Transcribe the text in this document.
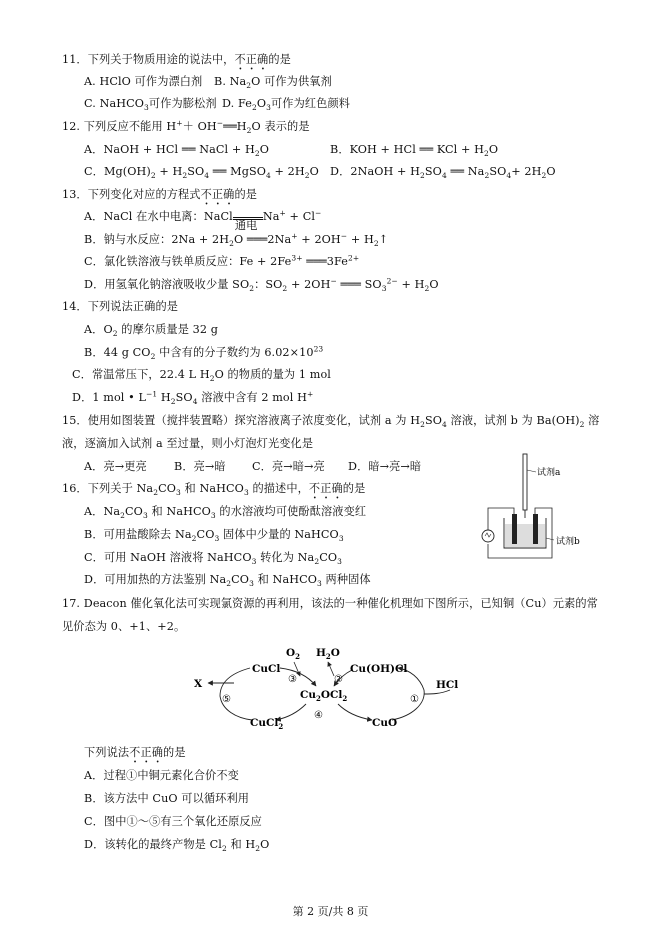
11．下列关于物质用途的说法中，不正确的是
A. HClO 可作为漂白剂 B. $Na_2O$ 可作为供氧剂
C. NaHCO$_3$可作为膨松剂 D. $Fe_2O_3$可作为红色颜料
12. 下列反应不能用 $H^++ OH^-══H_2O$ 表示的是
A．NaOH + HCl ══ NaCl + $H_2O$	B．KOH + HCl ══ KCl + $H_2O$
C．$Mg(OH)_2 + H_2SO_4$ ══ MgSO$_4$ + $2H_2O$ D．2NaOH + $H_2SO_4$ ══ $Na_2SO_4+ 2H_2O$
13．下列变化对应的方程式不正确的是
A．NaCl 在水中电离：NaCl
通电
Na+ + Cl−
B．钠与水反应：$2Na + 2H_2O$ ═══2Na+ + $2OH^- + H_2↑$
C．氯化铁溶液与铁单质反应：$Fe + 2Fe^{3+}$ $═══3Fe^{2+}$
D．用氢氧化钠溶液吸收少量 $SO_2$：$SO_2 + 2OH^-$ ═══ $SO_3^{2-} + H_2O$
14．下列说法正确的是
A．$O_2$ 的摩尔质量是 32 g
B．44 g $CO_2$ 中含有的分子数约为 $6.02\times 10^{23}$
C．常温常压下，22.4 L $H_2O$ 的物质的量为 1 mol
D．1 mol • $L^{-1}$ $H_2SO_4$ 溶液中含有 2 mol H+
15．使用如图装置（搅拌装置略）探究溶液离子浓度变化，试剂 a 为 $H_2SO_4$ 溶液，试剂 b 为 $Ba(OH)_2$ 溶
液，逐滴加入试剂 a 至过量，则小灯泡灯光变化是
A．亮→更亮 B．亮→暗 C．亮→暗→亮 D．暗→亮→暗	试剂a
试剂b
16．下列关于 $Na_2CO_3$ 和 NaHCO$_3$ 的描述中，不正确的是
A．$Na_2CO_3$ 和 NaHCO$_3$ 的水溶液均可使酚酞溶液变红
B．可用盐酸除去 $Na_2CO_3$ 固体中少量的 NaHCO$_3$
C．可用 NaOH 溶液将 NaHCO$_3$ 转化为 $Na_2CO_3$
D．可用加热的方法鉴别 $Na_2CO_3$ 和 NaHCO$_3$ 两种固体
17. Deacon 催化氧化法可实现氯资源的再利用，该法的一种催化机理如下图所示，已知铜（Cu）元素的常
见价态为 0、+1、+2。
X
CuCl
$O_2$ $H_2O$
Cu(OH)Cl
HCl
$Cu_2OCl_2$
CuCl$_2$	CuO
⑤
③	②
④
①
下列说法不正确的是
A．过程①中铜元素化合价不变
B．该方法中 CuO 可以循环利用
C．图中①～⑤有三个氧化还原反应
D．该转化的最终产物是 $Cl_2$ 和 $H_2O$
第 2 页/共 8 页
